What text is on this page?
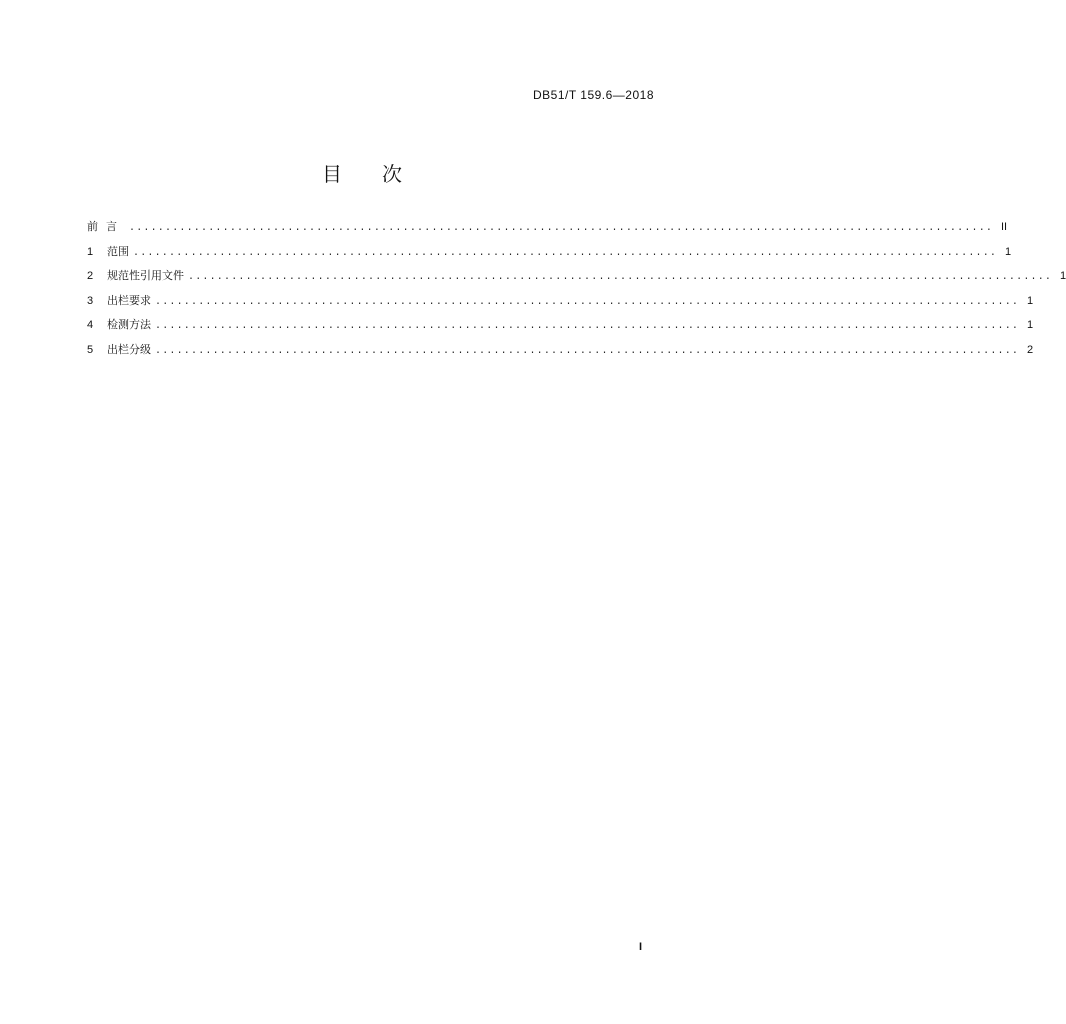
DB51/T 159.6—2018
目 次
前言 ........................................................................................................................ II
1	范围 ........................................................................................................................ 1
2	规范性引用文件 ........................................................................................................................ 1
3	出栏要求 ........................................................................................................................ 1
4	检测方法 ........................................................................................................................ 1
5	出栏分级 ........................................................................................................................ 2
I
